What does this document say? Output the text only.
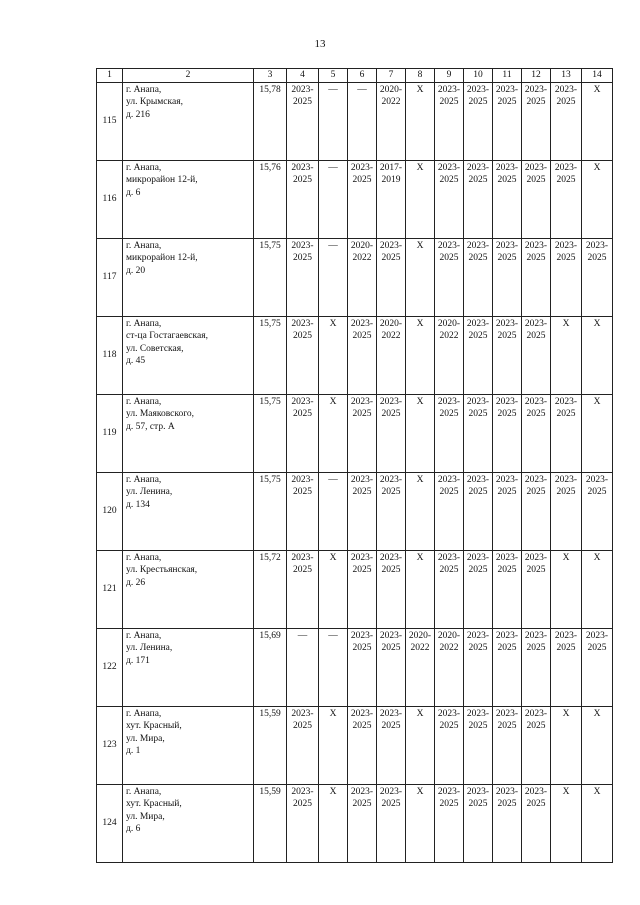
13
1	2	3	4	5	6	7	8	9	10	11	12	13	14
115	г. Анапа,
ул. Крымская,
д. 216	15,78	2023-
2025	—	—	2020-
2022	X	2023-
2025	2023-
2025	2023-
2025	2023-
2025	2023-
2025	X

116	г. Анапа,
микрорайон 12-й,
д. 6	15,76	2023-
2025	—	2023-
2025	2017-
2019	X	2023-
2025	2023-
2025	2023-
2025	2023-
2025	2023-
2025	X

117	г. Анапа,
микрорайон 12-й,
д. 20	15,75	2023-
2025	—	2020-
2022	2023-
2025	X	2023-
2025	2023-
2025	2023-
2025	2023-
2025	2023-
2025	2023-
2025

118	г. Анапа,
ст-ца Гостагаевская,
ул. Советская,
д. 45	15,75	2023-
2025	X	2023-
2025	2020-
2022	X	2020-
2022	2023-
2025	2023-
2025	2023-
2025	X	X

119	г. Анапа,
ул. Маяковского,
д. 57, стр. А	15,75	2023-
2025	X	2023-
2025	2023-
2025	X	2023-
2025	2023-
2025	2023-
2025	2023-
2025	2023-
2025	X

120	г. Анапа,
ул. Ленина,
д. 134	15,75	2023-
2025	—	2023-
2025	2023-
2025	X	2023-
2025	2023-
2025	2023-
2025	2023-
2025	2023-
2025	2023-
2025

121	г. Анапа,
ул. Крестьянская,
д. 26	15,72	2023-
2025	X	2023-
2025	2023-
2025	X	2023-
2025	2023-
2025	2023-
2025	2023-
2025	X	X

122	г. Анапа,
ул. Ленина,
д. 171	15,69	—	—	2023-
2025	2023-
2025	2020-
2022	2020-
2022	2023-
2025	2023-
2025	2023-
2025	2023-
2025	2023-
2025

123	г. Анапа,
хут. Красный,
ул. Мира,
д. 1	15,59	2023-
2025	X	2023-
2025	2023-
2025	X	2023-
2025	2023-
2025	2023-
2025	2023-
2025	X	X

124	г. Анапа,
хут. Красный,
ул. Мира,
д. 6	15,59	2023-
2025	X	2023-
2025	2023-
2025	X	2023-
2025	2023-
2025	2023-
2025	2023-
2025	X	X
